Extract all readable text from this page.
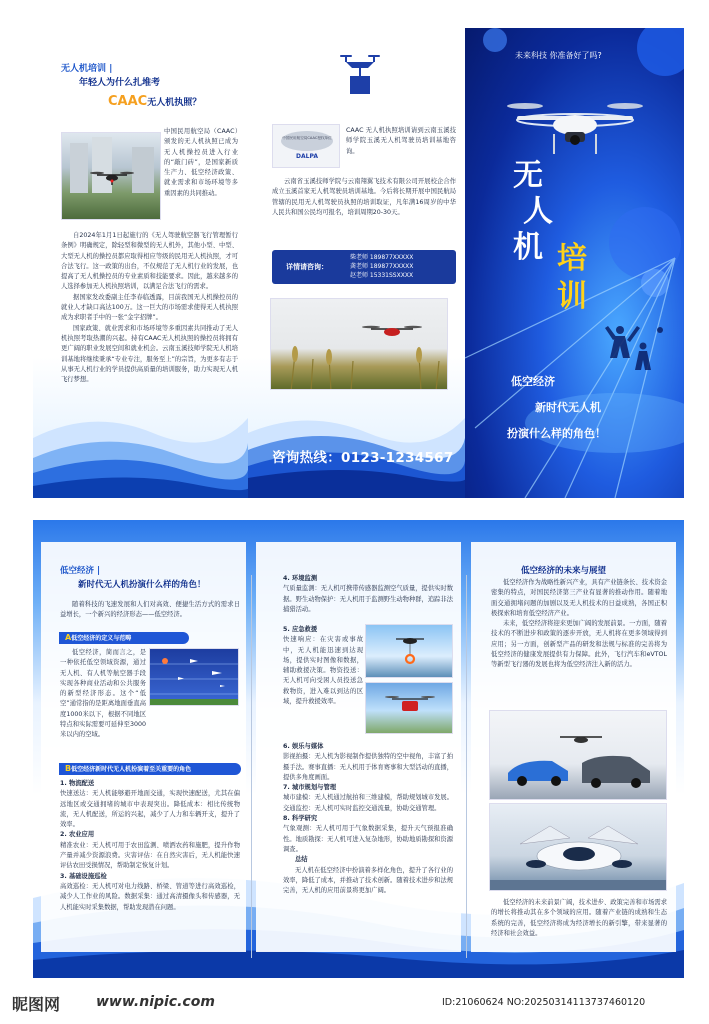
无人机培训 |
年轻人为什么扎堆考
CAAC无人机执照？
中国民用航空局（CAAC）颁发的无人机执照已成为无人机操控员进入行业的“敲门砖”，是国家新质生产力、低空经济政策、就业需求和市场环境等多重因素的共同推动。

自2024年1月1日起施行的《无人驾驶航空器飞行管理暂行条例》明确规定，除轻型和微型的无人机外，其他小型、中型、大型无人机的操控员都应取得相应等级的民用无人机执照，才可合法飞行。这一政策的出台，不仅规范了无人机行业的发展，也提高了无人机操控员的专业素质和技能要求。因此，越来越多的人选择参加无人机执照培训，以满足合法飞行的需求。

据国家发改委副主任李春临透露，目前我国无人机操控员的就业人才缺口高达100万。这一巨大的市场需求使得无人机执照成为求职者手中的一张“金字招牌”。

国家政策、就业需求和市场环境等多重因素共同推动了无人机执照考取热潮的兴起。持有CAAC无人机执照的操控员将拥有更广阔的职业发展空间和就业机会。云南玉溪技师学院无人机培训基地将继续秉承“专业专注，服务至上”的宗旨，为更多有志于从事无人机行业的学员提供高质量的培训服务，助力实现无人机飞行梦想。

中国民用航空局CAAC授权单位
DALPA
CAAC 无人机执照培训请到云南玉溪技师学院玉溪无人机驾驶员培训基地咨询。
云南省玉溪技师学院与云南翔翼飞技术有限公司开展校企合作成立玉溪首家无人机驾驶员培训基地。今后将长期开展中国民航局管辖的民用无人机驾驶员执照的培训取证，凡年满16周岁的中华人民共和国公民均可报名，培训周期20-30天。
详情请咨询：
柴老师 189877XXXXX
龚老师 189877XXXXX
赵老师 15331SSXXXX
咨询热线：0123-1234567
未来科技 你准备好了吗?
无
人
机 培
训
低空经济
新时代无人机
扮演什么样的角色！
低空经济 |
新时代无人机扮演什么样的角色！
随着科技的飞速发展和人们对高效、便捷生活方式的需求日益增长，一个新兴的经济形态——低空经济。
A低空经济的定义与范畴
低空经济，简而言之，是一种依托低空领域资源，通过无人机、有人机等航空器手段实现各种商业活动和公共服务的新型经济形态。这个“低空”通常指的是距离地面垂直高度1000米以下，根据不同地区特点和实际需要可延伸至3000米以内的空域。
B低空经济新时代无人机扮演着至关重要的角色
1. 物流配送
快速送达：无人机能够避开地面交通，实现快速配送，尤其在偏远地区或交通拥堵的城市中表现突出。降低成本：相比传统物流，无人机配送，所运的兴起，减少了人力和车辆开支，提升了效率。
2. 农业应用
精准农业：无人机可用于农田监测、喷洒农药和施肥，提升作物产量并减少资源浪费。灾害评估：在自然灾害后，无人机能快速评估农田受损情况，帮助制定恢复计划。
3. 基础设施巡检
高效巡检：无人机可对电力线路、桥梁、管道等进行高效巡检，减少人工作业的风险。数据采集：通过高清摄像头和传感器，无人机能实时采集数据，帮助发现潜在问题。
4. 环境监测
气质量监测：无人机可携带传感器监测空气质量，提供实时数据。野生动物保护：无人机用于监测野生动物种群，追踪非法捕猎活动。
5. 应急救援
快速响应：在灾害或事故中，无人机能迅速到达现场，提供实时图像和数据，辅助救援决策。物资投送：无人机可向受困人员投送急救物资，进入难以到达的区域，提升救援效率。
6. 娱乐与媒体
影视拍摄：无人机为影视制作提供独特的空中视角，丰富了拍摄手法。赛事直播：无人机用于体育赛事和大型活动的直播，提供多角度画面。
7. 城市规划与管理
城市建模：无人机通过航拍和三维建模，帮助规划城市发展。交通监控：无人机可实时监控交通流量，协助交通管理。
8. 科学研究
气象观测：无人机可用于气象数据采集，提升天气预报准确性。地质勘探：无人机可进入复杂地形，协助地质勘探和资源调查。
总结
无人机在低空经济中扮演着多样化角色，提升了各行业的效率，降低了成本，并推动了技术创新。随着技术进步和法规完善，无人机的应用前景将更加广阔。
低空经济的未来与展望

低空经济作为战略性新兴产业，具有产业链条长、技术资金密集的特点，对国民经济第三产业有显著的推动作用。随着地面交通拥堵问题的加剧以及无人机技术的日益成熟，各国正积极探索和培育低空经济产业。

未来，低空经济将迎来更加广阔的发展前景。一方面，随着技术的不断进步和政策的逐步开放，无人机将在更多领域得到应用；另一方面，创新型产品的研发和法规与标准的完善将为低空经济的健康发展提供有力保障。此外，飞行汽车和eVTOL等新型飞行器的发展也将为低空经济注入新的活力。

低空经济的未来前景广阔，技术进步、政策完善和市场需求的增长将推动其在多个领域的应用。随着产业链的成熟和生态系统的完善，低空经济将成为经济增长的新引擎，带来显著的经济和社会效益。

昵图网	www.nipic.com	ID:21060624 NO:20250314113737460120
